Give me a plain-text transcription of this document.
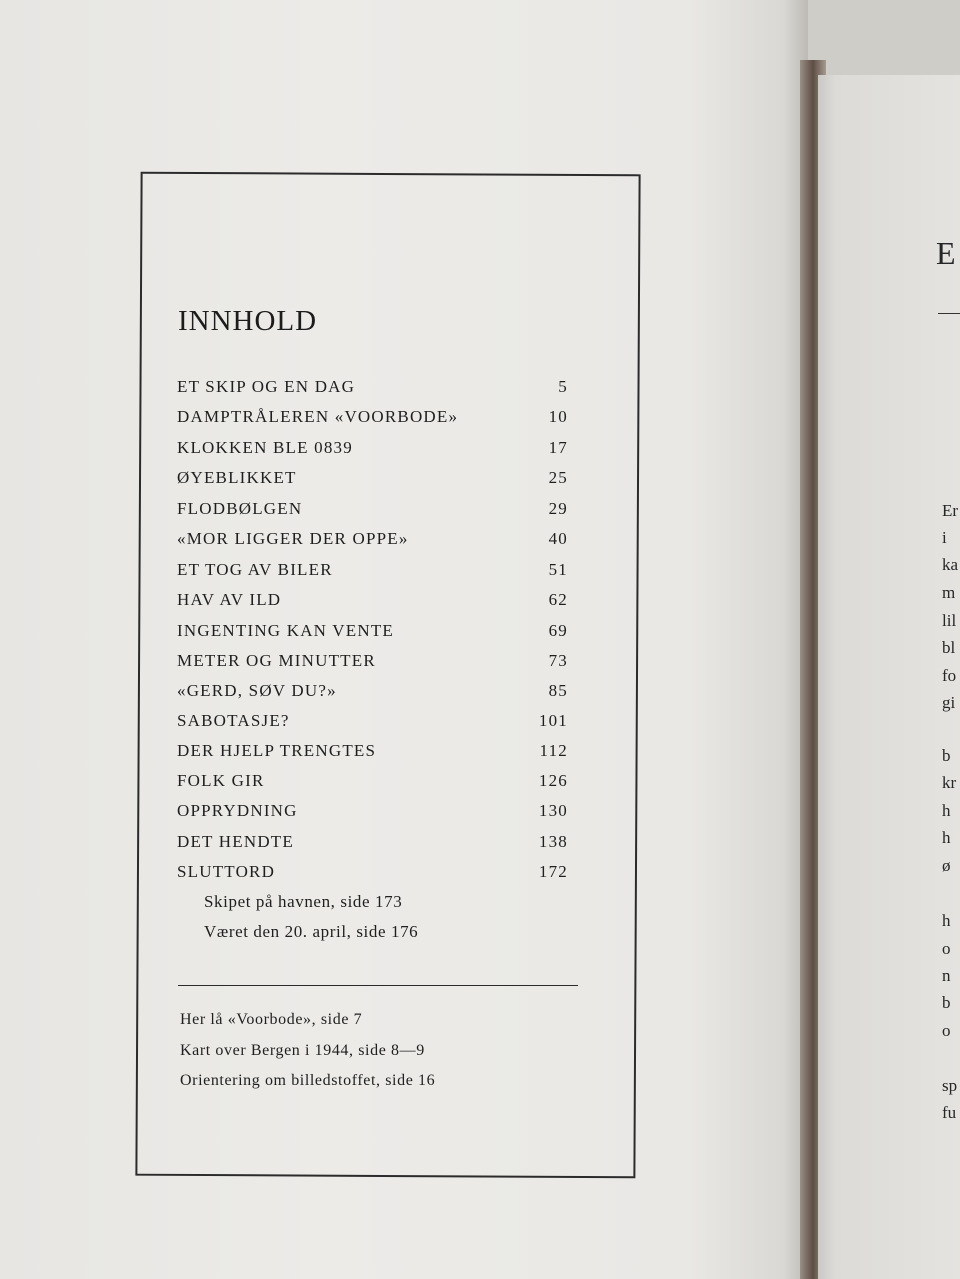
E
Er
i
ka
m
lil
bl
fo
gi
b
kr
h
h
ø
h
o
n
b
o
sp
fu
INNHOLD
ET SKIP OG EN DAG	5
DAMPTRÅLEREN «VOORBODE»	10
KLOKKEN BLE 0839	17
ØYEBLIKKET	25
FLODBØLGEN	29
«MOR LIGGER DER OPPE»	40
ET TOG AV BILER	51
HAV AV ILD	62
INGENTING KAN VENTE	69
METER OG MINUTTER	73
«GERD, SØV DU?»	85
SABOTASJE?	101
DER HJELP TRENGTES	112
FOLK GIR	126
OPPRYDNING	130
DET HENDTE	138
SLUTTORD	172
Skipet på havnen, side 173
Været den 20. april, side 176
Her lå «Voorbode», side 7
Kart over Bergen i 1944, side 8—9
Orientering om billedstoffet, side 16
